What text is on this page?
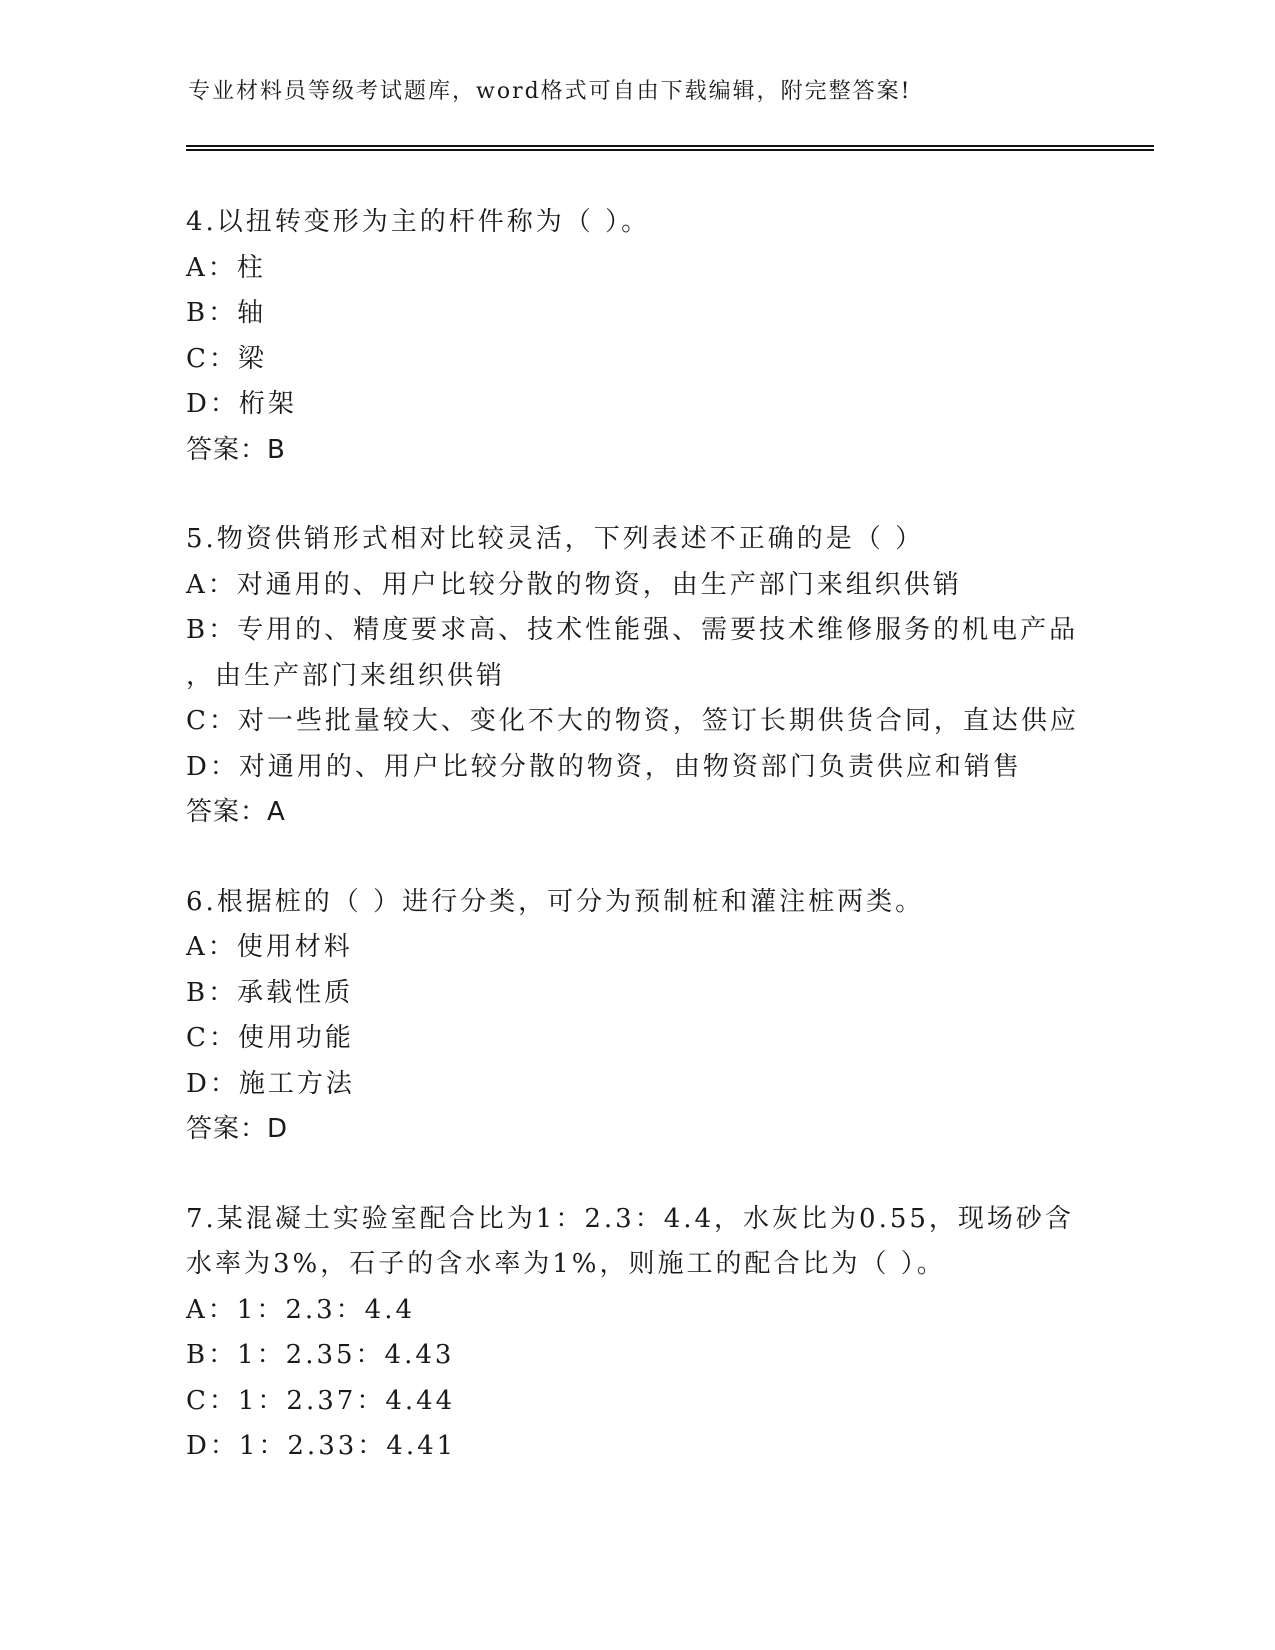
专业材料员等级考试题库，word格式可自由下载编辑，附完整答案!
4.以扭转变形为主的杆件称为（ ）。
A：柱
B：轴
C：梁
D：桁架
答案：B
5.物资供销形式相对比较灵活，下列表述不正确的是（ ）
A：对通用的、用户比较分散的物资，由生产部门来组织供销
B：专用的、精度要求高、技术性能强、需要技术维修服务的机电产品
，由生产部门来组织供销
C：对一些批量较大、变化不大的物资，签订长期供货合同，直达供应
D：对通用的、用户比较分散的物资，由物资部门负责供应和销售
答案：A
6.根据桩的（ ）进行分类，可分为预制桩和灌注桩两类。
A：使用材料
B：承载性质
C：使用功能
D：施工方法
答案：D
7.某混凝土实验室配合比为1：2.3：4.4，水灰比为0.55，现场砂含
水率为3%，石子的含水率为1%，则施工的配合比为（ ）。
A：1：2.3：4.4
B：1：2.35：4.43
C：1：2.37：4.44
D：1：2.33：4.41
